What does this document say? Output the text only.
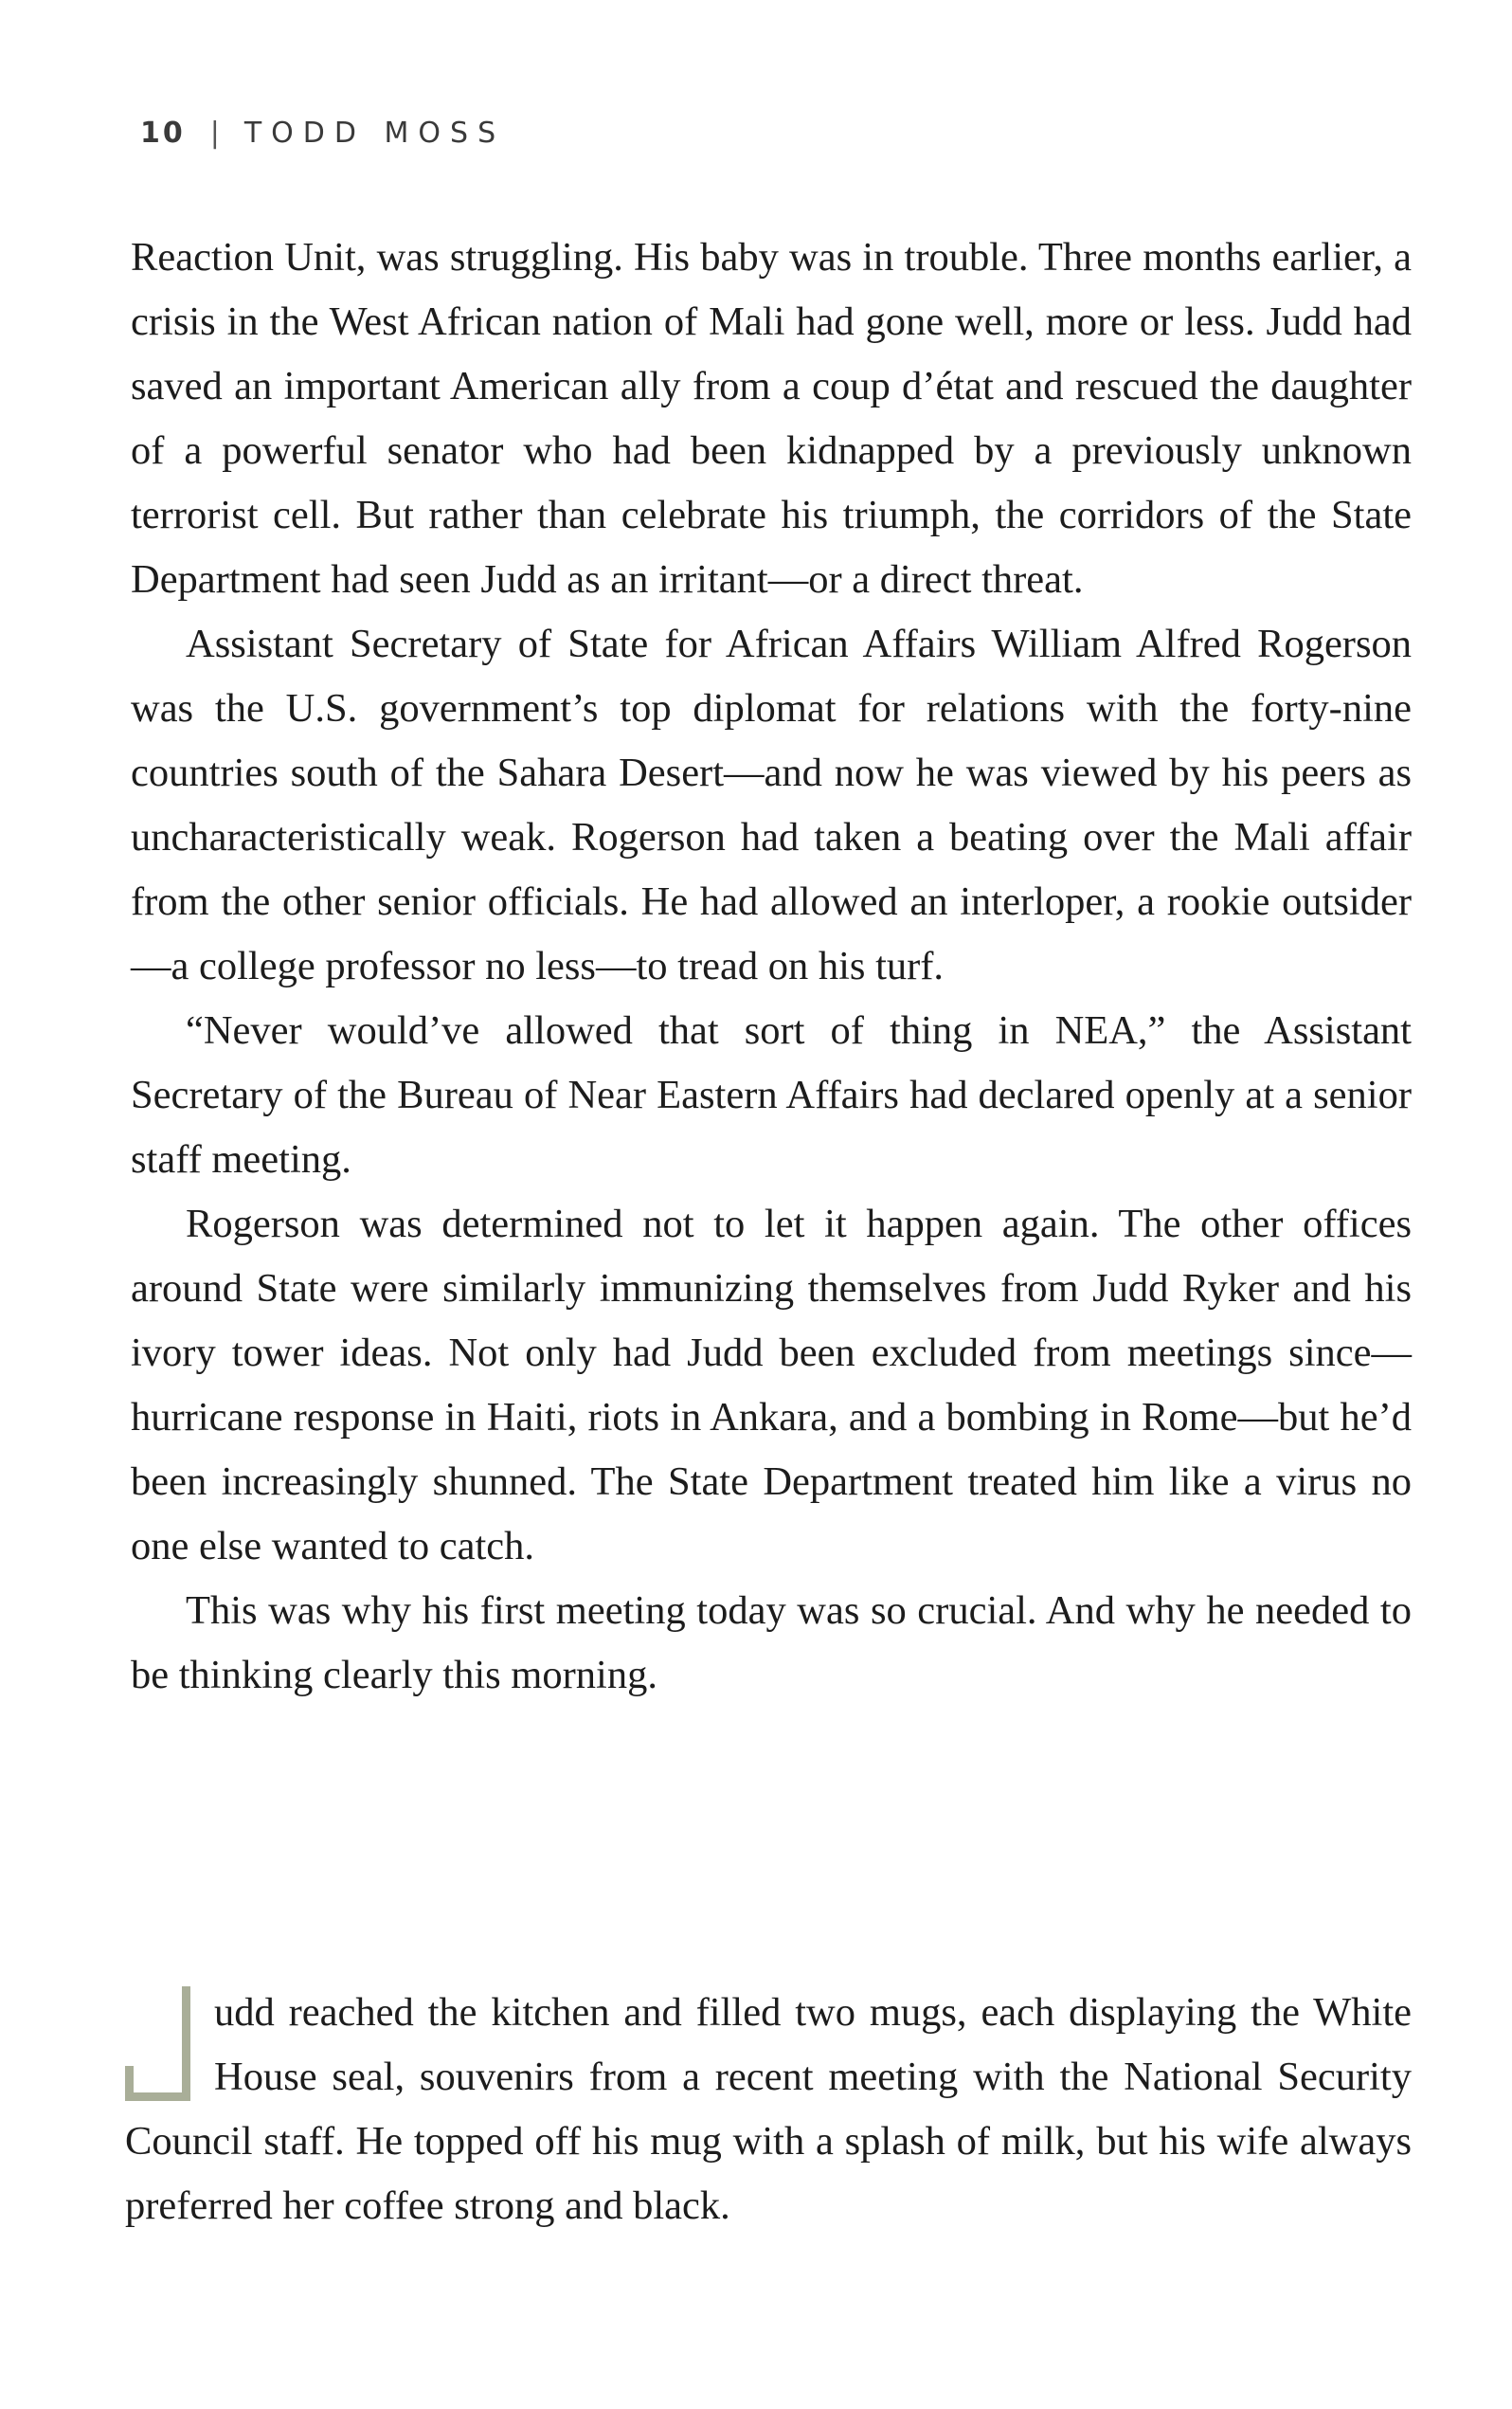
10 | TODD MOSS

Reaction Unit, was struggling. His baby was in trouble. Three months earlier, a crisis in the West African nation of Mali had gone well, more or less. Judd had saved an important American ally from a coup d’état and rescued the daughter of a powerful senator who had been kidnapped by a previously unknown terrorist cell. But rather than celebrate his triumph, the corridors of the State Department had seen Judd as an irritant—or a direct threat.

Assistant Secretary of State for African Affairs William Alfred Rogerson was the U.S. government’s top diplomat for relations with the forty-nine countries south of the Sahara Desert—and now he was viewed by his peers as uncharacteristically weak. Rogerson had taken a beating over the Mali affair from the other senior officials. He had allowed an interloper, a rookie outsider—a college professor no less—to tread on his turf.

“Never would’ve allowed that sort of thing in NEA,” the Assistant Secretary of the Bureau of Near Eastern Affairs had declared openly at a senior staff meeting.

Rogerson was determined not to let it happen again. The other offices around State were similarly immunizing themselves from Judd Ryker and his ivory tower ideas. Not only had Judd been excluded from meetings since—hurricane response in Haiti, riots in Ankara, and a bombing in Rome—but he’d been increasingly shunned. The State Department treated him like a virus no one else wanted to catch.

This was why his first meeting today was so crucial. And why he needed to be thinking clearly this morning.

udd reached the kitchen and filled two mugs, each displaying the White House seal, souvenirs from a recent meeting with the National Security Council staff. He topped off his mug with a splash of milk, but his wife always preferred her coffee strong and black.
